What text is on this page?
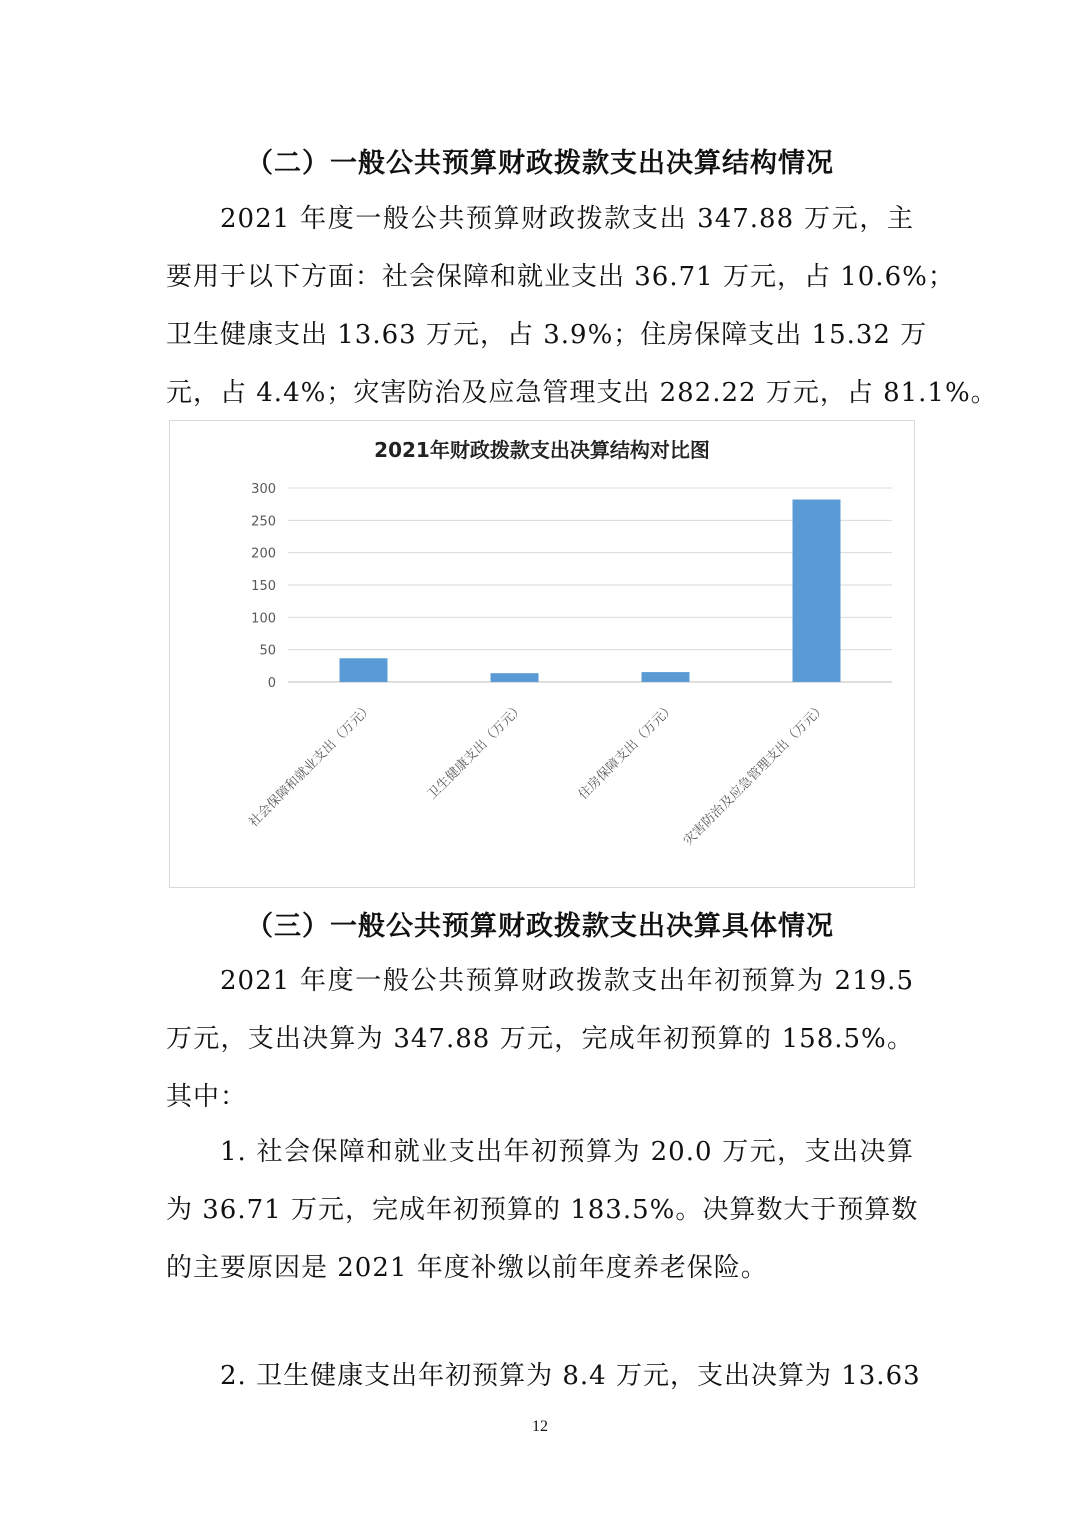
（二）一般公共预算财政拨款支出决算结构情况
2021 年度一般公共预算财政拨款支出 347.88 万元，主
要用于以下方面：社会保障和就业支出 36.71 万元，占 10.6%；
卫生健康支出 13.63 万元，占 3.9%；住房保障支出 15.32 万
元，占 4.4%；灾害防治及应急管理支出 282.22 万元，占 81.1%。
2021年财政拨款支出决算结构对比图
0
50
100
150
200
250
300
社会保障和就业支出（万元）	卫生健康支出（万元）	住房保障支出（万元） 灾害防治及应急管理支出（万元）
（三）一般公共预算财政拨款支出决算具体情况
2021 年度一般公共预算财政拨款支出年初预算为 219.5
万元，支出决算为 347.88 万元，完成年初预算的 158.5%。
其中：
1. 社会保障和就业支出年初预算为 20.0 万元，支出决算
为 36.71 万元，完成年初预算的 183.5%。决算数大于预算数
的主要原因是 2021 年度补缴以前年度养老保险。
2. 卫生健康支出年初预算为 8.4 万元，支出决算为 13.63
12
